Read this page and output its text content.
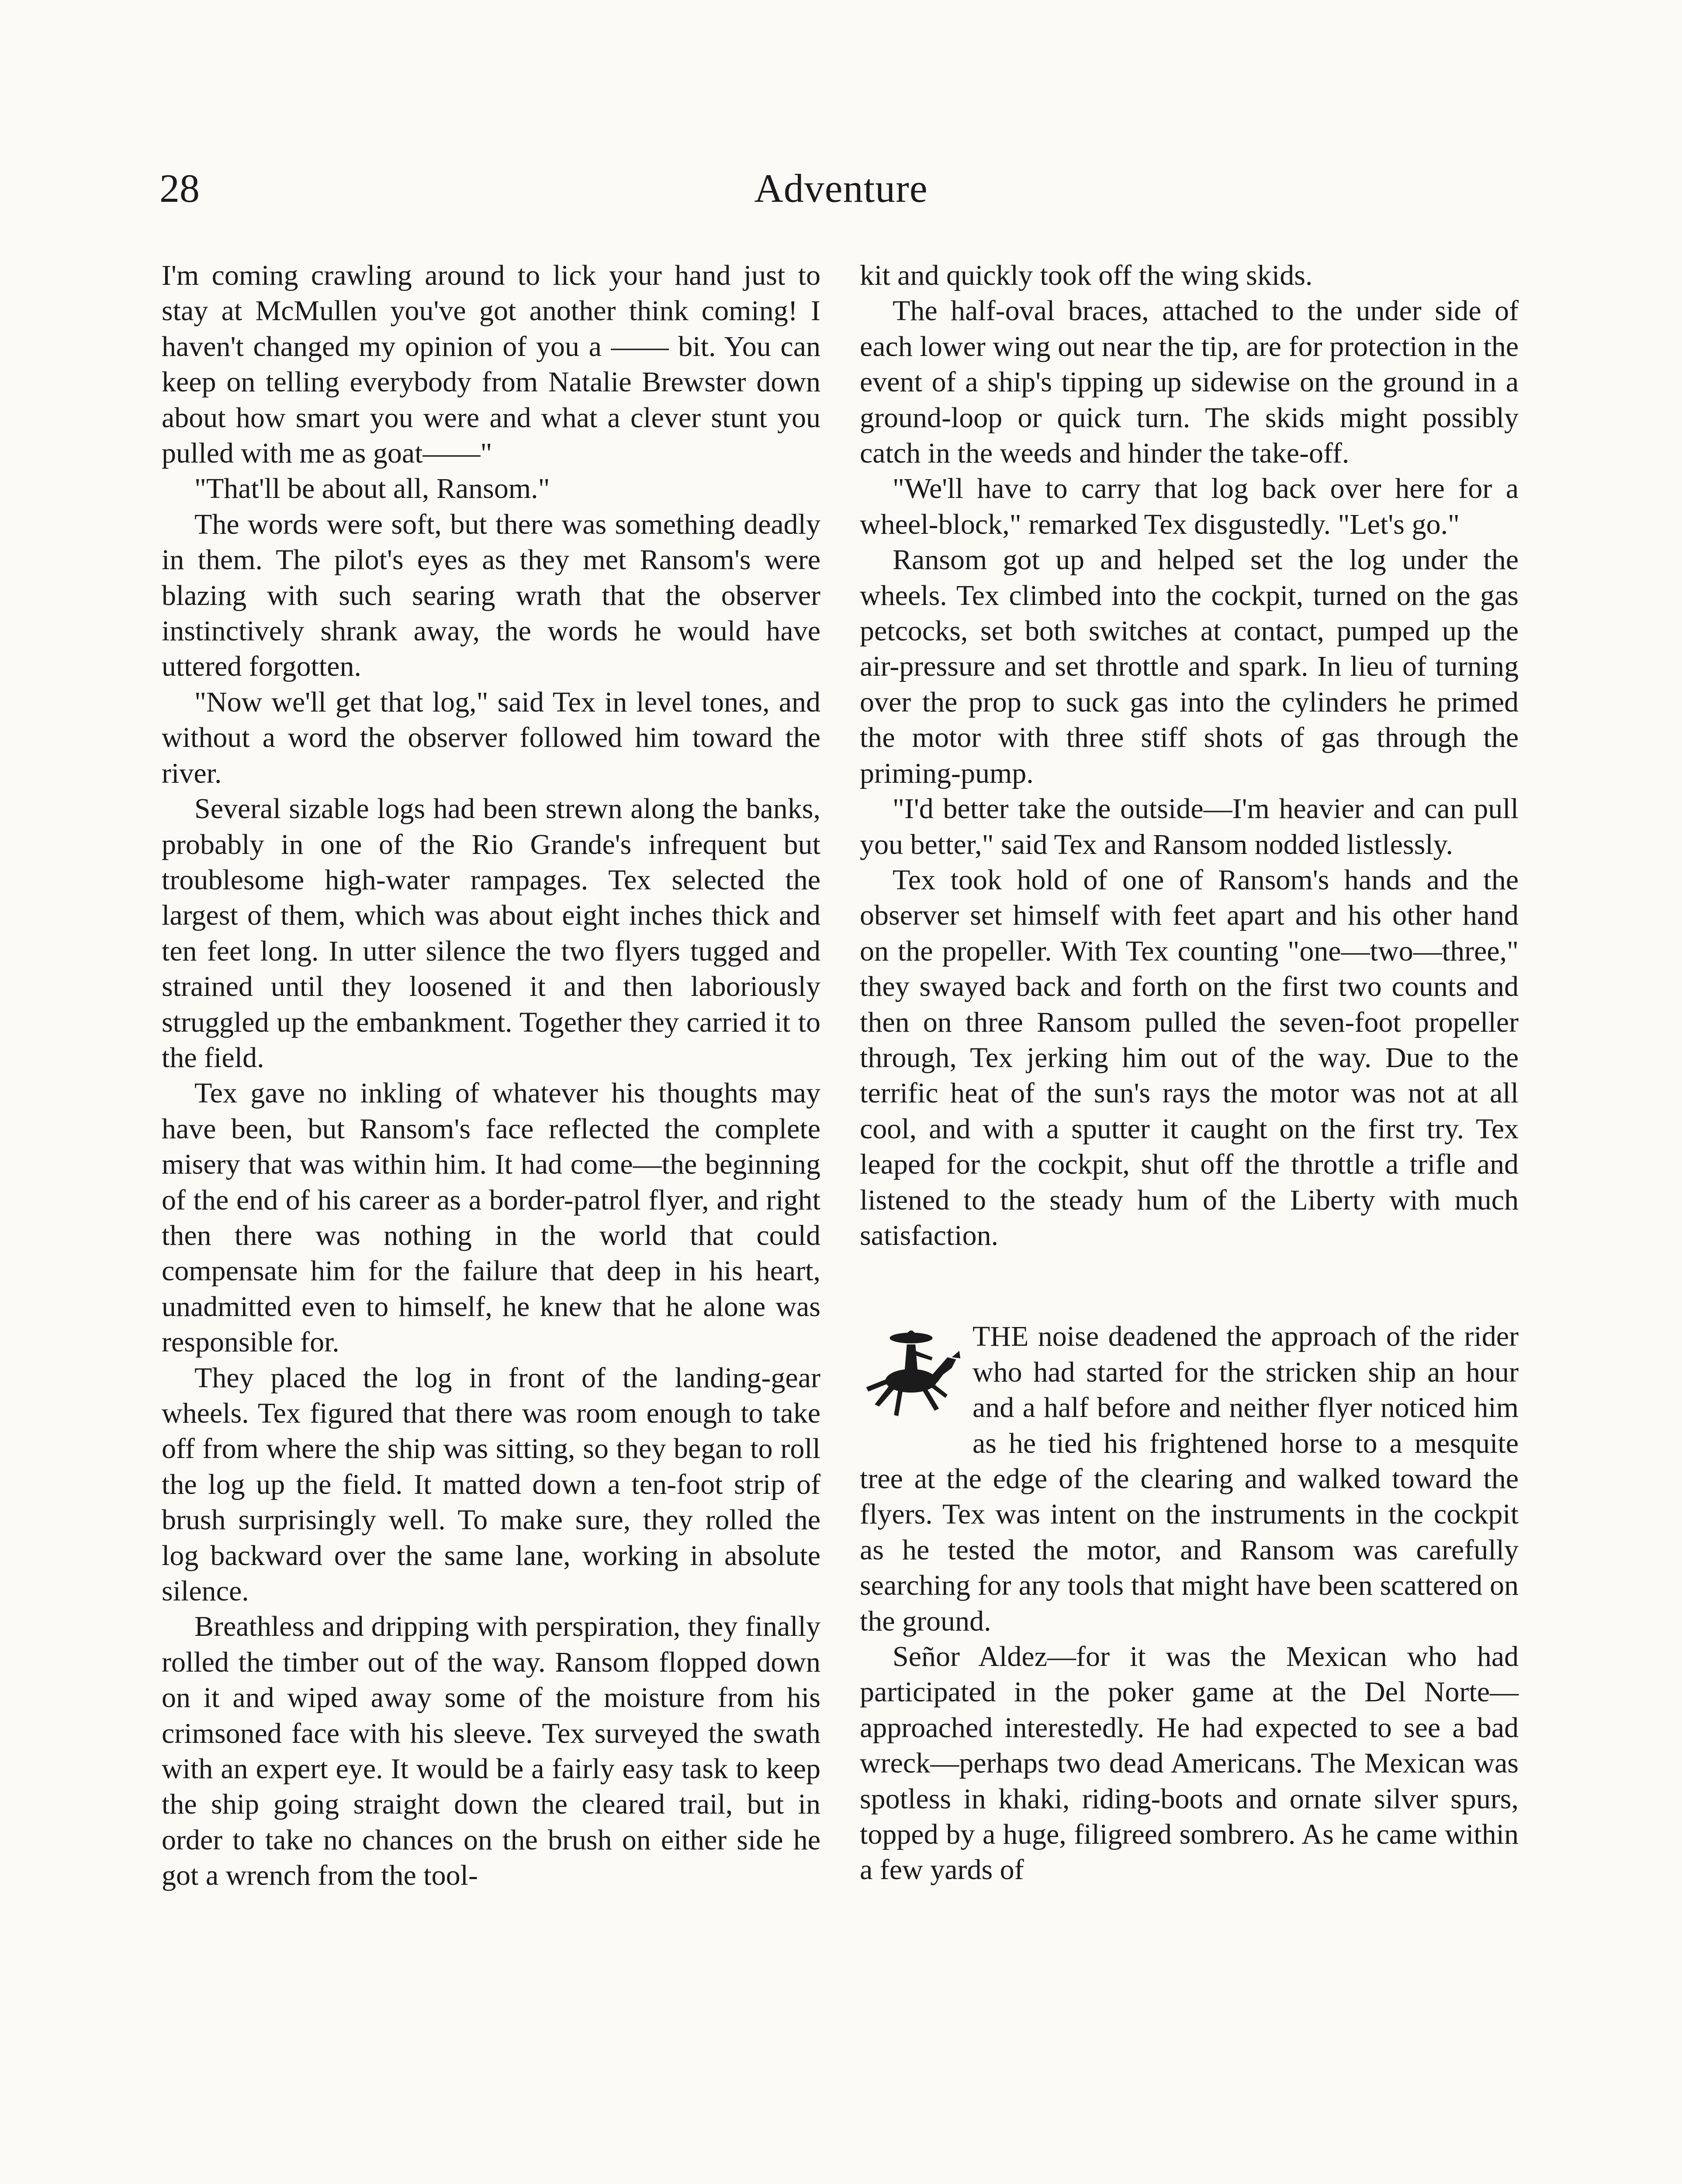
28	Adventure

I'm coming crawling around to lick your hand just to stay at McMullen you've got another think coming! I haven't changed my opinion of you a —— bit. You can keep on telling everybody from Natalie Brewster down about how smart you were and what a clever stunt you pulled with me as goat——"

"That'll be about all, Ransom."

The words were soft, but there was something deadly in them. The pilot's eyes as they met Ransom's were blazing with such searing wrath that the observer instinctively shrank away, the words he would have uttered forgotten.

"Now we'll get that log," said Tex in level tones, and without a word the observer followed him toward the river.

Several sizable logs had been strewn along the banks, probably in one of the Rio Grande's infrequent but troublesome high-water rampages. Tex selected the largest of them, which was about eight inches thick and ten feet long. In utter silence the two flyers tugged and strained until they loosened it and then laboriously struggled up the embankment. Together they carried it to the field.

Tex gave no inkling of whatever his thoughts may have been, but Ransom's face reflected the complete misery that was within him. It had come—the beginning of the end of his career as a border-patrol flyer, and right then there was nothing in the world that could compensate him for the failure that deep in his heart, unadmitted even to himself, he knew that he alone was responsible for.

They placed the log in front of the landing-gear wheels. Tex figured that there was room enough to take off from where the ship was sitting, so they began to roll the log up the field. It matted down a ten-foot strip of brush surprisingly well. To make sure, they rolled the log backward over the same lane, working in absolute silence.

Breathless and dripping with perspiration, they finally rolled the timber out of the way. Ransom flopped down on it and wiped away some of the moisture from his crimsoned face with his sleeve. Tex surveyed the swath with an expert eye. It would be a fairly easy task to keep the ship going straight down the cleared trail, but in order to take no chances on the brush on either side he got a wrench from the tool-

kit and quickly took off the wing skids.

The half-oval braces, attached to the under side of each lower wing out near the tip, are for protection in the event of a ship's tipping up sidewise on the ground in a ground-loop or quick turn. The skids might possibly catch in the weeds and hinder the take-off.

"We'll have to carry that log back over here for a wheel-block," remarked Tex disgustedly. "Let's go."

Ransom got up and helped set the log under the wheels. Tex climbed into the cockpit, turned on the gas petcocks, set both switches at contact, pumped up the air-pressure and set throttle and spark. In lieu of turning over the prop to suck gas into the cylinders he primed the motor with three stiff shots of gas through the priming-pump.

"I'd better take the outside—I'm heavier and can pull you better," said Tex and Ransom nodded listlessly.

Tex took hold of one of Ransom's hands and the observer set himself with feet apart and his other hand on the propeller. With Tex counting "one—two—three," they swayed back and forth on the first two counts and then on three Ransom pulled the seven-foot propeller through, Tex jerking him out of the way. Due to the terrific heat of the sun's rays the motor was not at all cool, and with a sputter it caught on the first try. Tex leaped for the cockpit, shut off the throttle a trifle and listened to the steady hum of the Liberty with much satisfaction.

THE noise deadened the approach of the rider who had started for the stricken ship an hour and a half before and neither flyer noticed him as he tied his frightened horse to a mesquite tree at the edge of the clearing and walked toward the flyers. Tex was intent on the instruments in the cockpit as he tested the motor, and Ransom was carefully searching for any tools that might have been scattered on the ground.

Señor Aldez—for it was the Mexican who had participated in the poker game at the Del Norte—approached interestedly. He had expected to see a bad wreck—perhaps two dead Americans. The Mexican was spotless in khaki, riding-boots and ornate silver spurs, topped by a huge, filigreed sombrero. As he came within a few yards of
